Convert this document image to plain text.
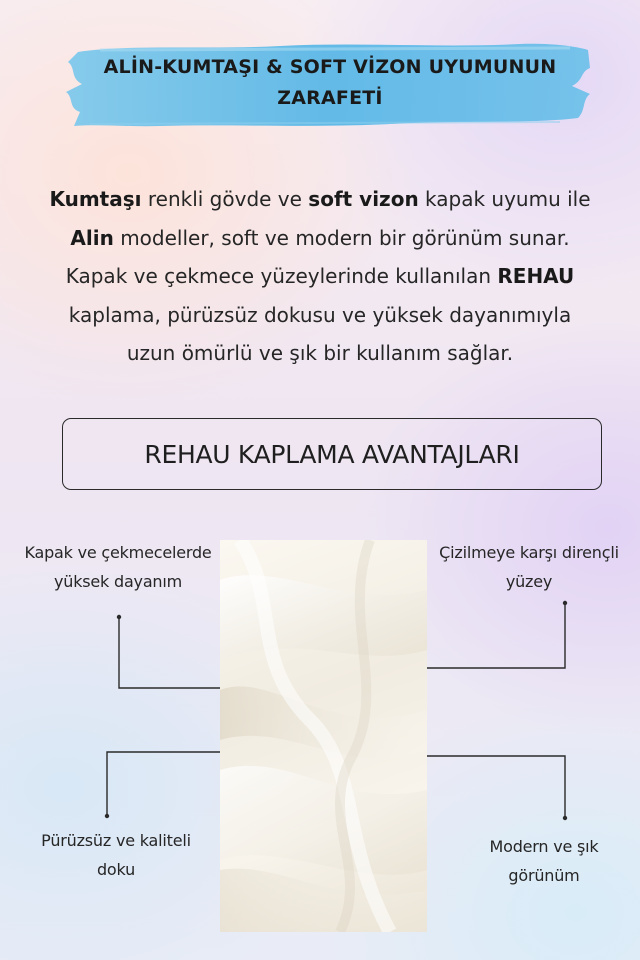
ALİN-KUMTAŞI & SOFT VİZON UYUMUNUN ZARAFETİ
Kumtaşı renkli gövde ve soft vizon kapak uyumu ile
Alin modeller, soft ve modern bir görünüm sunar.
Kapak ve çekmece yüzeylerinde kullanılan REHAU
kaplama, pürüzsüz dokusu ve yüksek dayanımıyla
uzun ömürlü ve şık bir kullanım sağlar.
REHAU KAPLAMA AVANTAJLARI
Kapak ve çekmecelerde
yüksek dayanım
Çizilmeye karşı dirençli
yüzey
Pürüzsüz ve kaliteli
doku
Modern ve şık
görünüm
